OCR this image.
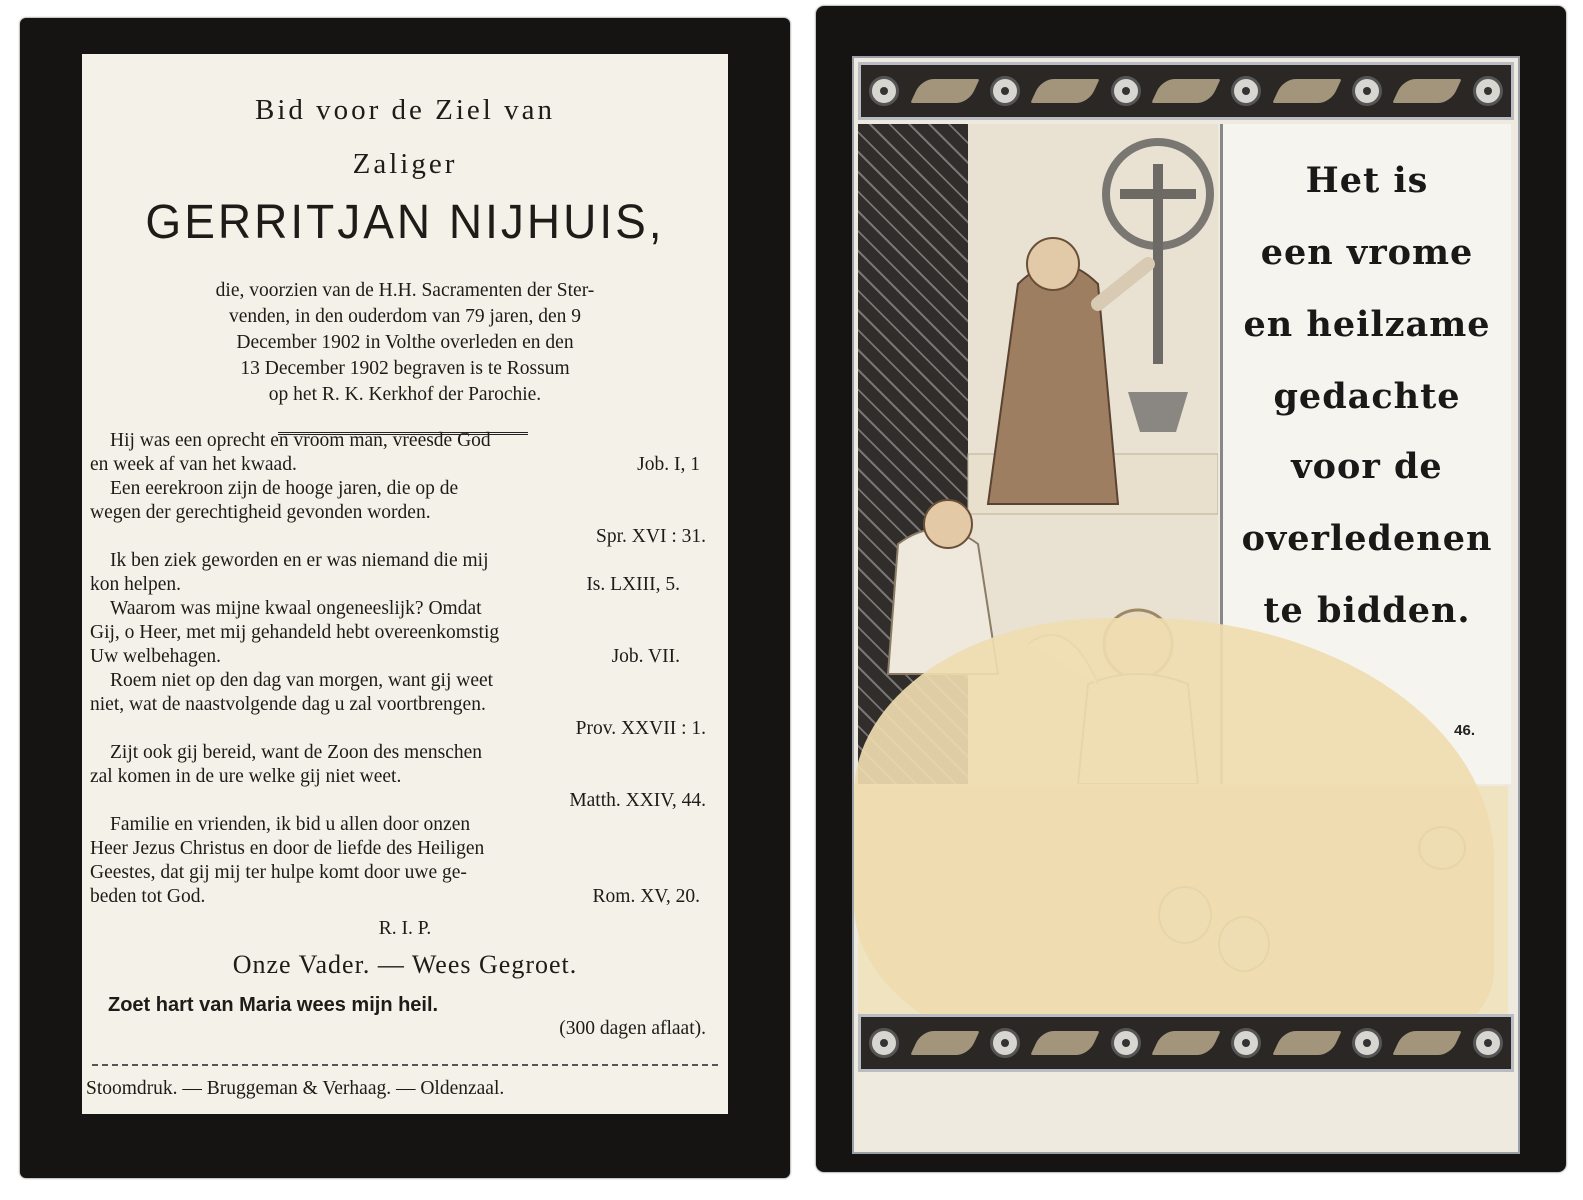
Bid voor de Ziel van
Zaliger
GERRITJAN NIJHUIS,
die, voorzien van de H.H. Sacramenten der Ster-
venden, in den ouderdom van 79 jaren, den 9
December 1902 in Volthe overleden en den
13 December 1902 begraven is te Rossum
op het R. K. Kerkhof der Parochie.
Hij was een oprecht en vroom man, vreesde God
en week af van het kwaad.	Job. I, 1
Een eerekroon zijn de hooge jaren, die op de
wegen der gerechtigheid gevonden worden.
Spr. XVI : 31.
Ik ben ziek geworden en er was niemand die mij
kon helpen.	Is. LXIII, 5.
Waarom was mijne kwaal ongeneeslijk? Omdat
Gij, o Heer, met mij gehandeld hebt overeenkomstig
Uw welbehagen.	Job. VII.
Roem niet op den dag van morgen, want gij weet
niet, wat de naastvolgende dag u zal voortbrengen.
Prov. XXVII : 1.
Zijt ook gij bereid, want de Zoon des menschen
zal komen in de ure welke gij niet weet.
Matth. XXIV, 44.
Familie en vrienden, ik bid u allen door onzen
Heer Jezus Christus en door de liefde des Heiligen
Geestes, dat gij mij ter hulpe komt door uwe ge-
beden tot God.	Rom. XV, 20.
R. I. P.
Onze Vader. — Wees Gegroet.
Zoet hart van Maria wees mijn heil.
(300 dagen aflaat).
Stoomdruk. — Bruggeman & Verhaag. — Oldenzaal.
Het is
een vrome
en heilzame
gedachte
voor de
overledenen
te bidden.
46.
